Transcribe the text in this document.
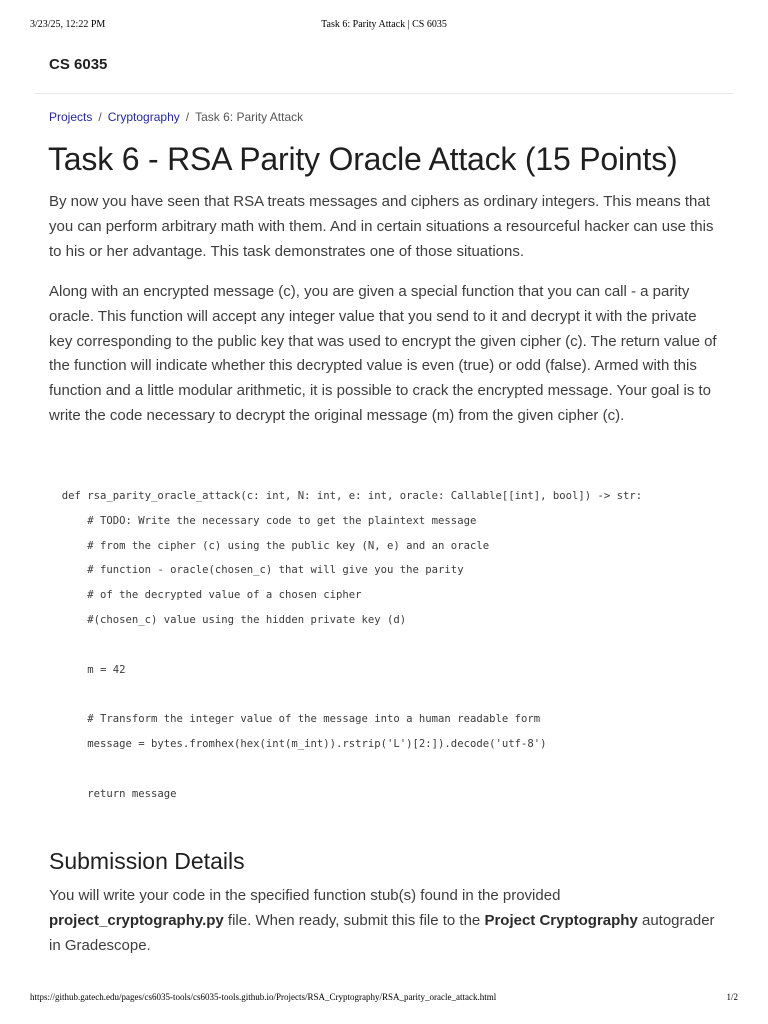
3/23/25, 12:22 PM	Task 6: Parity Attack | CS 6035
CS 6035
Projects / Cryptography / Task 6: Parity Attack
Task 6 - RSA Parity Oracle Attack (15 Points)

By now you have seen that RSA treats messages and ciphers as ordinary integers. This means that you can perform arbitrary math with them. And in certain situations a resourceful hacker can use this to his or her advantage. This task demonstrates one of those situations.

Along with an encrypted message (c), you are given a special function that you can call - a parity oracle. This function will accept any integer value that you send to it and decrypt it with the private key corresponding to the public key that was used to encrypt the given cipher (c). The return value of the function will indicate whether this decrypted value is even (true) or odd (false). Armed with this function and a little modular arithmetic, it is possible to crack the encrypted message. Your goal is to write the code necessary to decrypt the original message (m) from the given cipher (c).

def rsa_parity_oracle_attack(c: int, N: int, e: int, oracle: Callable[[int], bool]) -> str:
# TODO: Write the necessary code to get the plaintext message
# from the cipher (c) using the public key (N, e) and an oracle
# function - oracle(chosen_c) that will give you the parity
# of the decrypted value of a chosen cipher
#(chosen_c) value using the hidden private key (d)
m = 42
# Transform the integer value of the message into a human readable form
message = bytes.fromhex(hex(int(m_int)).rstrip('L')[2:]).decode('utf-8')
return message
Submission Details

You will write your code in the specified function stub(s) found in the provided project_cryptography.py file. When ready, submit this file to the Project Cryptography autograder in Gradescope.

https://github.gatech.edu/pages/cs6035-tools/cs6035-tools.github.io/Projects/RSA_Cryptography/RSA_parity_oracle_attack.html	1/2
